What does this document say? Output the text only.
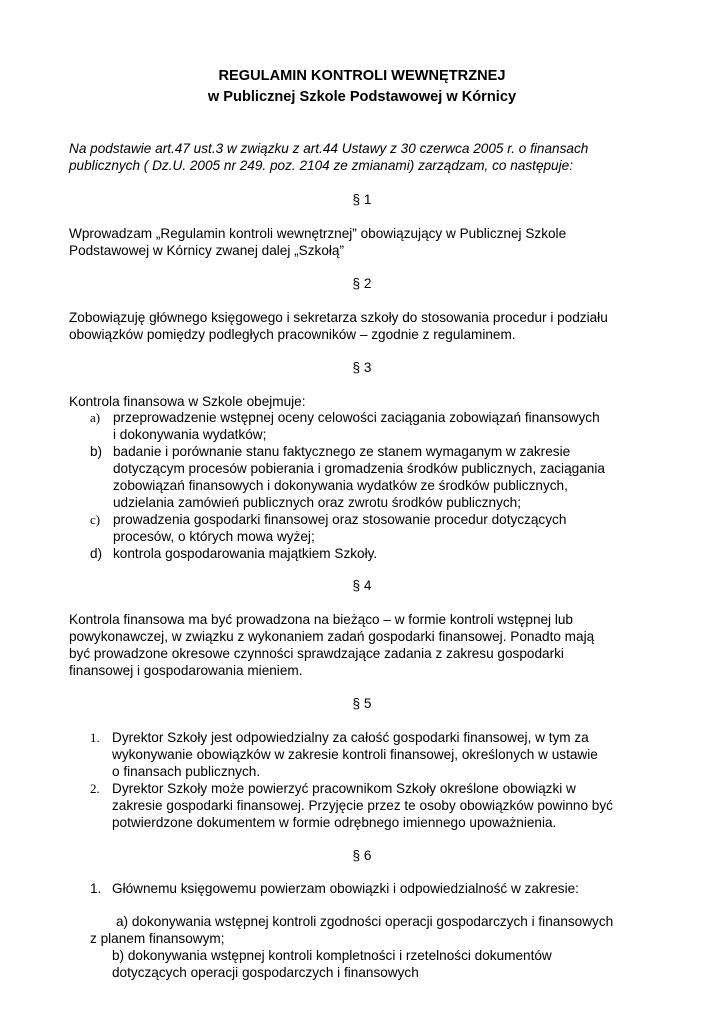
REGULAMIN KONTROLI WEWNĘTRZNEJ
w Publicznej Szkole Podstawowej w Kórnicy
Na podstawie art.47 ust.3 w związku z art.44 Ustawy z 30 czerwca 2005 r. o finansach
publicznych ( Dz.U. 2005 nr 249. poz. 2104 ze zmianami) zarządzam, co następuje:
§ 1
Wprowadzam „Regulamin kontroli wewnętrznej” obowiązujący w Publicznej Szkole
Podstawowej w Kórnicy zwanej dalej „Szkołą”
§ 2
Zobowiązuję głównego księgowego i sekretarza szkoły do stosowania procedur i podziału
obowiązków pomiędzy podległych pracowników – zgodnie z regulaminem.
§ 3
Kontrola finansowa w Szkole obejmuje:
a) przeprowadzenie wstępnej oceny celowości zaciągania zobowiązań finansowych
i dokonywania wydatków;
b) badanie i porównanie stanu faktycznego ze stanem wymaganym w zakresie
dotyczącym procesów pobierania i gromadzenia środków publicznych, zaciągania
zobowiązań finansowych i dokonywania wydatków ze środków publicznych,
udzielania zamówień publicznych oraz zwrotu środków publicznych;
c) prowadzenia gospodarki finansowej oraz stosowanie procedur dotyczących
procesów, o których mowa wyżej;
d) kontrola gospodarowania majątkiem Szkoły.
§ 4
Kontrola finansowa ma być prowadzona na bieżąco – w formie kontroli wstępnej lub
powykonawczej, w związku z wykonaniem zadań gospodarki finansowej. Ponadto mają
być prowadzone okresowe czynności sprawdzające zadania z zakresu gospodarki
finansowej i gospodarowania mieniem.
§ 5
1. Dyrektor Szkoły jest odpowiedzialny za całość gospodarki finansowej, w tym za
wykonywanie obowiązków w zakresie kontroli finansowej, określonych w ustawie
o finansach publicznych.
2. Dyrektor Szkoły może powierzyć pracownikom Szkoły określone obowiązki w
zakresie gospodarki finansowej. Przyjęcie przez te osoby obowiązków powinno być
potwierdzone dokumentem w formie odrębnego imiennego upoważnienia.
§ 6
1. Głównemu księgowemu powierzam obowiązki i odpowiedzialność w zakresie:
a) dokonywania wstępnej kontroli zgodności operacji gospodarczych i finansowych
z planem finansowym;
b) dokonywania wstępnej kontroli kompletności i rzetelności dokumentów
dotyczących operacji gospodarczych i finansowych
